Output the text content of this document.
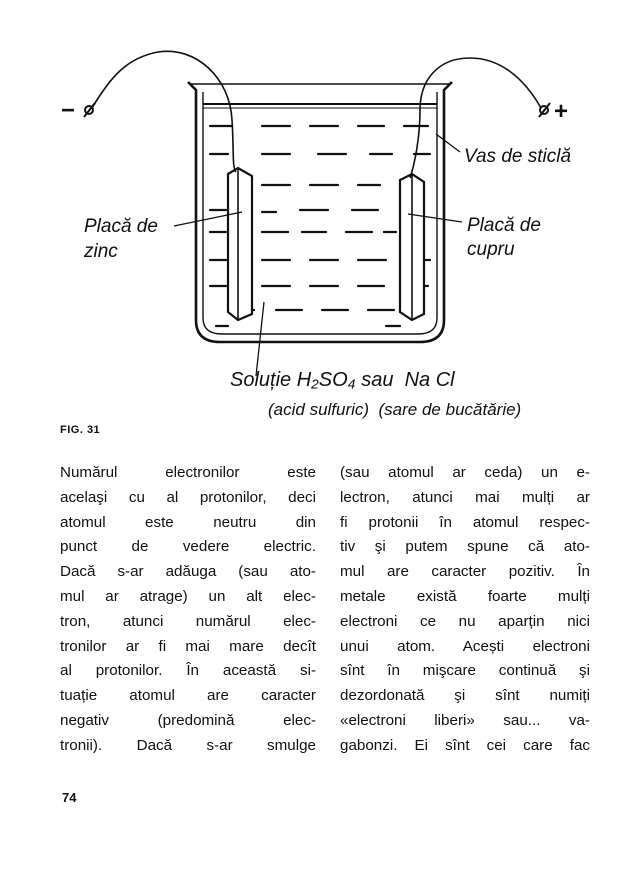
−	+
Vas de sticlă
Placă de
zinc
Placă de
cupru
Soluție H₂SO₄ sau  Na Cl
(acid sulfuric)  (sare de bucătărie)
FIG. 31
Numărul electronilor este
acelaşi cu al protonilor, deci
atomul este neutru din
punct de vedere electric.
Dacă s-ar adăuga (sau ato-
mul ar atrage) un alt elec-
tron, atunci numărul elec-
tronilor ar fi mai mare decît
al protonilor. În această si-
tuație atomul are caracter
negativ (predomină elec-
tronii). Dacă s-ar smulge
(sau atomul ar ceda) un e-
lectron, atunci mai mulți ar
fi protonii în atomul respec-
tiv şi putem spune că ato-
mul are caracter pozitiv. În
metale există foarte mulți
electroni ce nu aparțin nici
unui atom. Acești electroni
sînt în mişcare continuă şi
dezordonată şi sînt numiți
«electroni liberi» sau... va-
gabonzi. Ei sînt cei care fac
74
